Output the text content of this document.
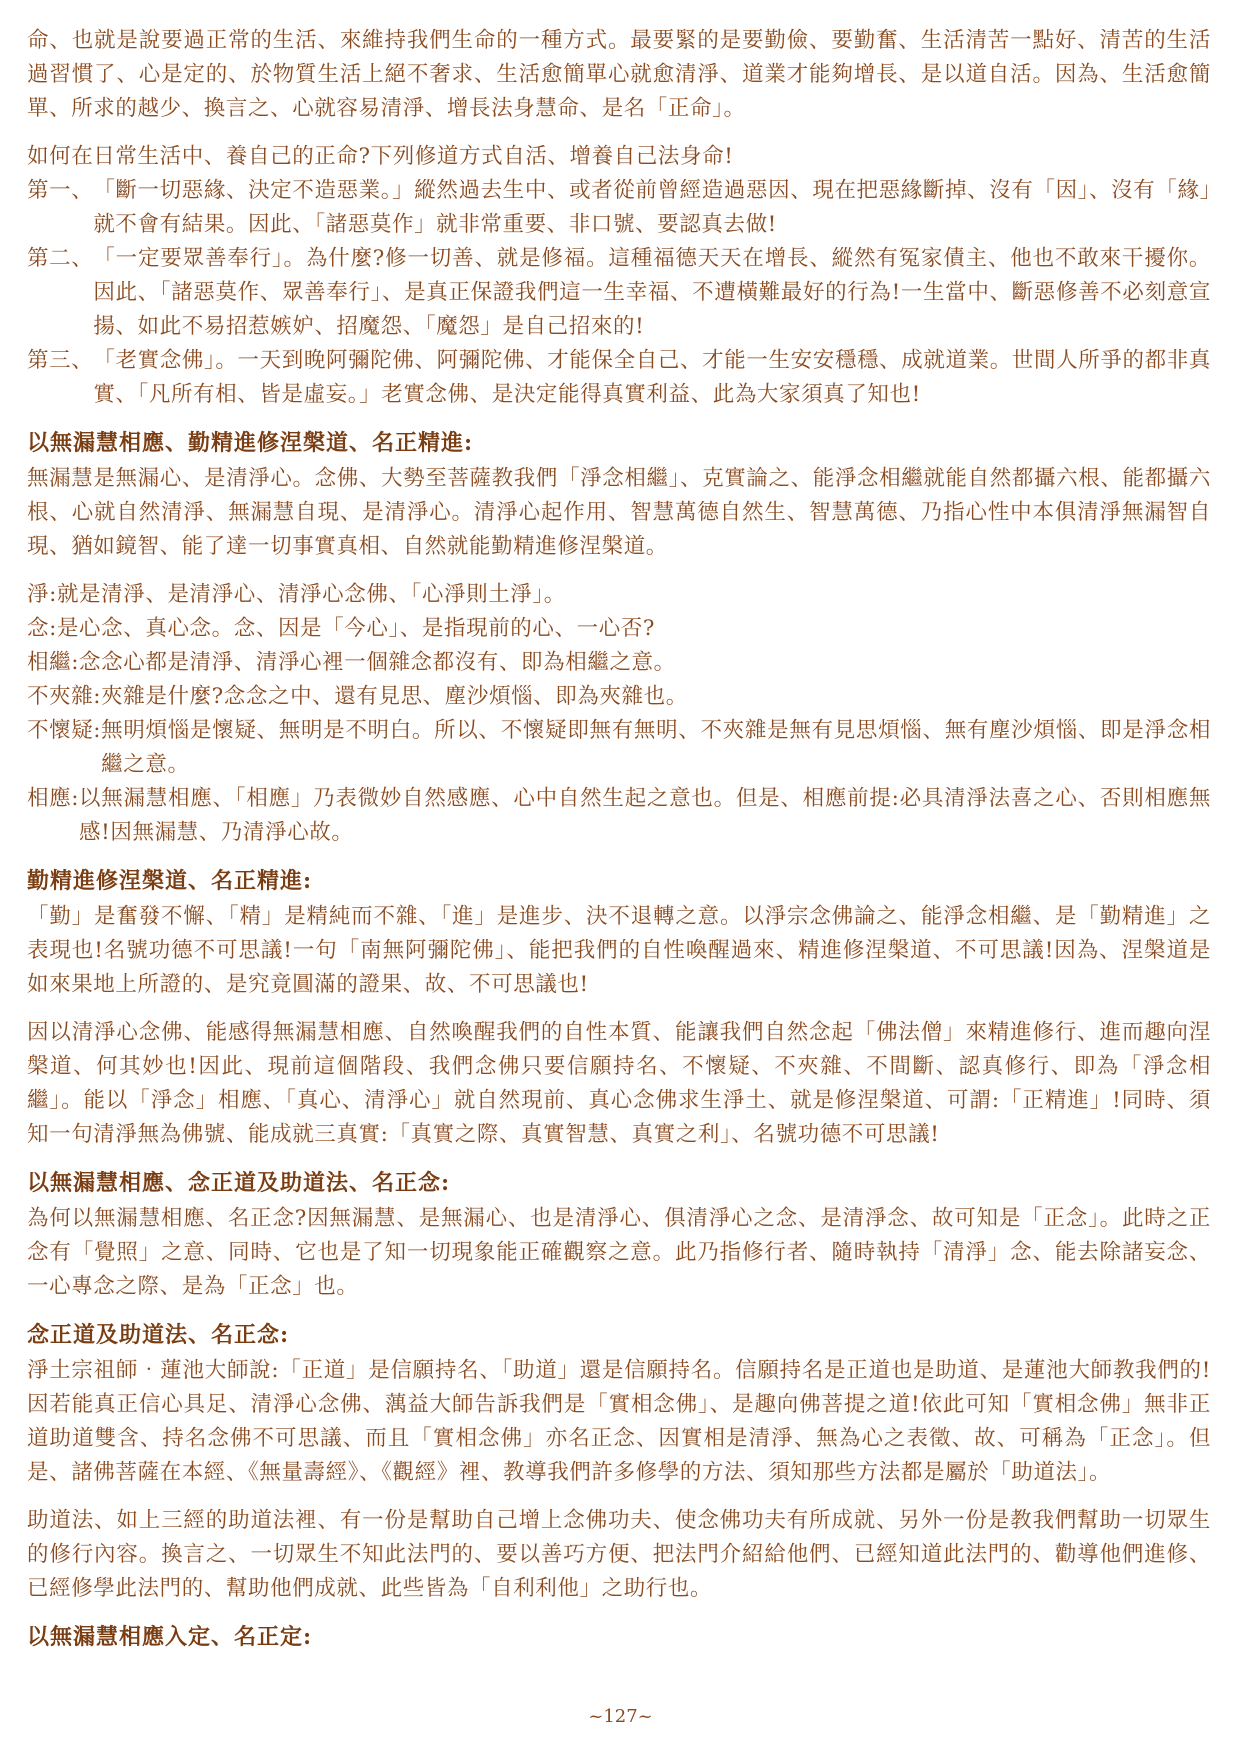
命、也就是說要過正常的生活、來維持我們生命的一種方式。最要緊的是要勤儉、要勤奮、生活清苦一點好、清苦的生活過習慣了、心是定的、於物質生活上絕不奢求、生活愈簡單心就愈清淨、道業才能夠增長、是以道自活。因為、生活愈簡單、所求的越少、換言之、心就容易清淨、增長法身慧命、是名「正命」。

如何在日常生活中、養自己的正命?下列修道方式自活、增養自己法身命!

第一、 「斷一切惡緣、決定不造惡業。」縱然過去生中、或者從前曾經造過惡因、現在把惡緣斷掉、沒有「因」、沒有「緣」就不會有結果。因此、「諸惡莫作」就非常重要、非口號、要認真去做!
第二、 「一定要眾善奉行」。為什麼?修一切善、就是修福。這種福德天天在增長、縱然有冤家債主、他也不敢來干擾你。因此、「諸惡莫作、眾善奉行」、是真正保證我們這一生幸福、不遭橫難最好的行為!一生當中、斷惡修善不必刻意宣揚、如此不易招惹嫉妒、招魔怨、「魔怨」是自己招來的!
第三、 「老實念佛」。一天到晚阿彌陀佛、阿彌陀佛、才能保全自己、才能一生安安穩穩、成就道業。世間人所爭的都非真實、「凡所有相、皆是虛妄。」老實念佛、是決定能得真實利益、此為大家須真了知也!

以無漏慧相應、勤精進修涅槃道、名正精進:

無漏慧是無漏心、是清淨心。念佛、大勢至菩薩教我們「淨念相繼」、克實論之、能淨念相繼就能自然都攝六根、能都攝六根、心就自然清淨、無漏慧自現、是清淨心。清淨心起作用、智慧萬德自然生、智慧萬德、乃指心性中本俱清淨無漏智自現、猶如鏡智、能了達一切事實真相、自然就能勤精進修涅槃道。

淨: 就是清淨、是清淨心、清淨心念佛、「心淨則土淨」。
念: 是心念、真心念。念、因是「今心」、是指現前的心、一心否?
相繼: 念念心都是清淨、清淨心裡一個雜念都沒有、即為相繼之意。
不夾雜: 夾雜是什麼?念念之中、還有見思、塵沙煩惱、即為夾雜也。
不懷疑: 無明煩惱是懷疑、無明是不明白。所以、不懷疑即無有無明、不夾雜是無有見思煩惱、無有塵沙煩惱、即是淨念相繼之意。
相應: 以無漏慧相應、「相應」乃表微妙自然感應、心中自然生起之意也。但是、相應前提:必具清淨法喜之心、否則相應無感!因無漏慧、乃清淨心故。

勤精進修涅槃道、名正精進:

「勤」是奮發不懈、「精」是精純而不雜、「進」是進步、決不退轉之意。以淨宗念佛論之、能淨念相繼、是「勤精進」之表現也!名號功德不可思議!一句「南無阿彌陀佛」、能把我們的自性喚醒過來、精進修涅槃道、不可思議!因為、涅槃道是如來果地上所證的、是究竟圓滿的證果、故、不可思議也!

因以清淨心念佛、能感得無漏慧相應、自然喚醒我們的自性本質、能讓我們自然念起「佛法僧」來精進修行、進而趣向涅槃道、何其妙也!因此、現前這個階段、我們念佛只要信願持名、不懷疑、不夾雜、不間斷、認真修行、即為「淨念相繼」。能以「淨念」相應、「真心、清淨心」就自然現前、真心念佛求生淨土、就是修涅槃道、可謂:「正精進」!同時、須知一句清淨無為佛號、能成就三真實:「真實之際、真實智慧、真實之利」、名號功德不可思議!

以無漏慧相應、念正道及助道法、名正念:

為何以無漏慧相應、名正念?因無漏慧、是無漏心、也是清淨心、俱清淨心之念、是清淨念、故可知是「正念」。此時之正念有「覺照」之意、同時、它也是了知一切現象能正確觀察之意。此乃指修行者、隨時執持「清淨」念、能去除諸妄念、一心專念之際、是為「正念」也。

念正道及助道法、名正念:

淨土宗祖師‧蓮池大師說:「正道」是信願持名、「助道」還是信願持名。信願持名是正道也是助道、是蓮池大師教我們的!因若能真正信心具足、清淨心念佛、蕅益大師告訴我們是「實相念佛」、是趣向佛菩提之道!依此可知「實相念佛」無非正道助道雙含、持名念佛不可思議、而且「實相念佛」亦名正念、因實相是清淨、無為心之表徵、故、可稱為「正念」。但是、諸佛菩薩在本經、《無量壽經》、《觀經》裡、教導我們許多修學的方法、須知那些方法都是屬於「助道法」。

助道法、如上三經的助道法裡、有一份是幫助自己增上念佛功夫、使念佛功夫有所成就、另外一份是教我們幫助一切眾生的修行內容。換言之、一切眾生不知此法門的、要以善巧方便、把法門介紹給他們、已經知道此法門的、勸導他們進修、已經修學此法門的、幫助他們成就、此些皆為「自利利他」之助行也。

以無漏慧相應入定、名正定:

~127~
